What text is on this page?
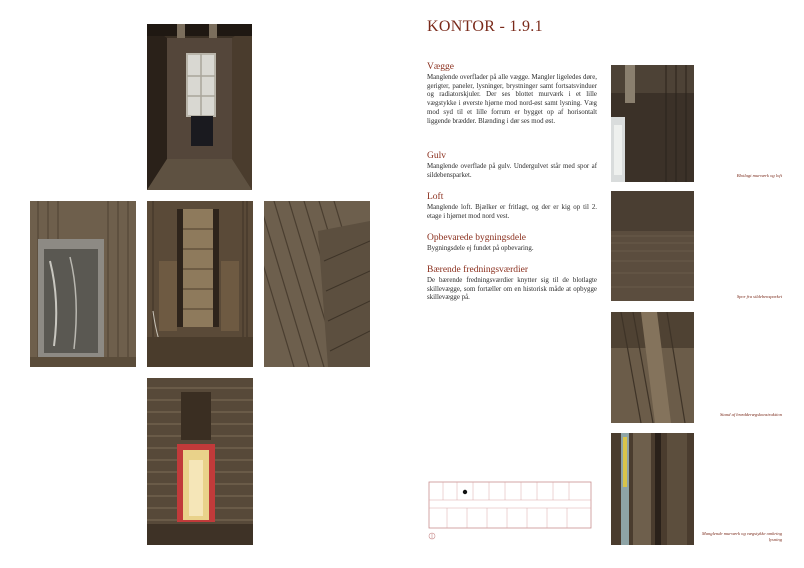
KONTOR - 1.9.1
Vægge

Manglende overflader på alle vægge. Mangler ligeledes døre, gerigter, paneler, lysninger, brystninger samt fortsatsvinduer og radiatorskjuler. Der ses blottet murværk i et lille vægstykke i øverste hjørne mod nord-øst samt lysning. Væg mod syd til et lille forrum er bygget op af horisontalt liggende brædder. Blænding i dør ses mod øst.

Gulv

Manglende overflade på gulv. Undergulvet står med spor af sildebensparket.

Loft

Manglende loft. Bjælker er fritlagt, og der er kig op til 2. etage i hjørnet mod nord vest.

Opbevarede bygningsdele

Bygningsdele ej fundet på opbevaring.

Bærende fredningsværdier

De bærende fredningsværdier knytter sig til de blotlagte skillevægge, som fortæller om en historisk måde at opbygge skillevægge på.

Blotlagt murværk og loft
Spor fra sildebensparket
Stand af brædderægskonstruktion
Manglende murværk og vægstykke omkring lysning
